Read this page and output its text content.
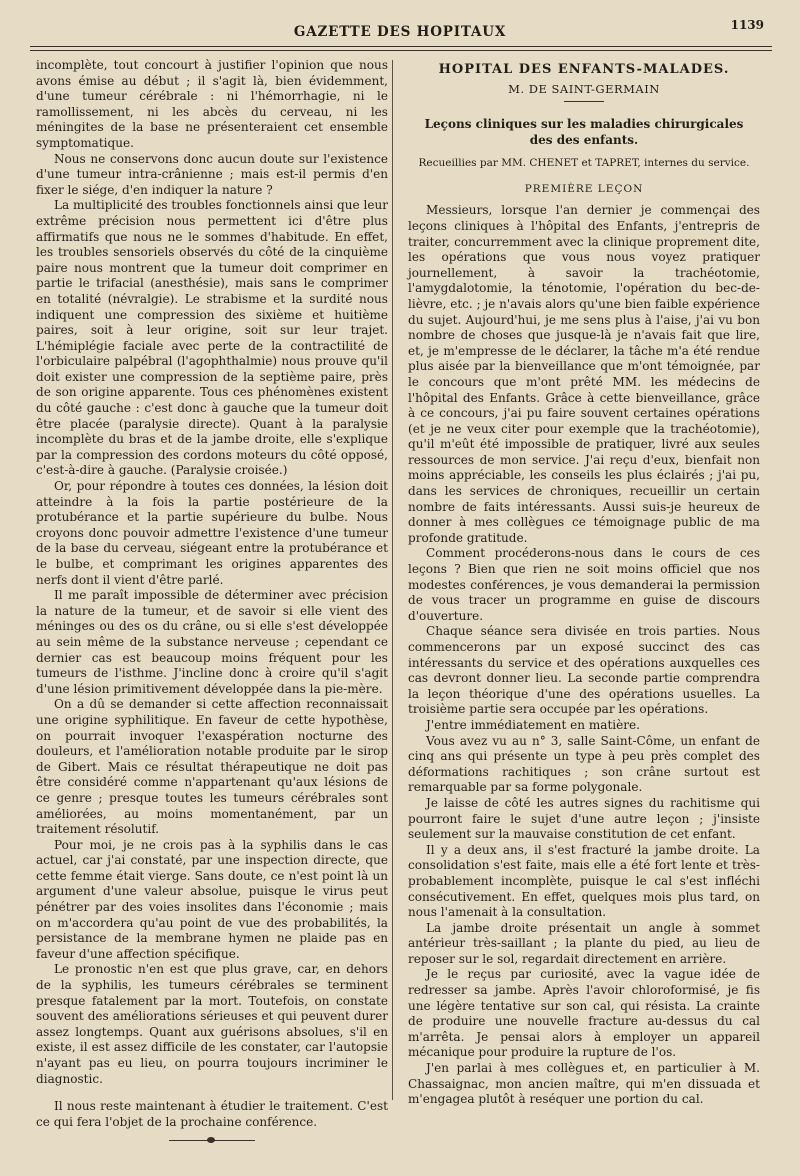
GAZETTE DES HOPITAUX	1139

incomplète, tout concourt à justifier l'opinion que nous avons émise au début ; il s'agit là, bien évidemment, d'une tumeur cérébrale : ni l'hémorrhagie, ni le ramollissement, ni les abcès du cerveau, ni les méningites de la base ne présenteraient cet ensemble symptomatique.

Nous ne conservons donc aucun doute sur l'existence d'une tumeur intra-crânienne ; mais est-il permis d'en fixer le siége, d'en indiquer la nature ?

La multiplicité des troubles fonctionnels ainsi que leur extrême précision nous permettent ici d'être plus affirmatifs que nous ne le sommes d'habitude. En effet, les troubles sensoriels observés du côté de la cinquième paire nous montrent que la tumeur doit comprimer en partie le trifacial (anesthésie), mais sans le comprimer en totalité (névralgie). Le strabisme et la surdité nous indiquent une compression des sixième et huitième paires, soit à leur origine, soit sur leur trajet. L'hémiplégie faciale avec perte de la contractilité de l'orbiculaire palpébral (l'agophthalmie) nous prouve qu'il doit exister une compression de la septième paire, près de son origine apparente. Tous ces phénomènes existent du côté gauche : c'est donc à gauche que la tumeur doit être placée (paralysie directe). Quant à la paralysie incomplète du bras et de la jambe droite, elle s'explique par la compression des cordons moteurs du côté opposé, c'est-à-dire à gauche. (Paralysie croisée.)

Or, pour répondre à toutes ces données, la lésion doit atteindre à la fois la partie postérieure de la protubérance et la partie supérieure du bulbe. Nous croyons donc pouvoir admettre l'existence d'une tumeur de la base du cerveau, siégeant entre la protubérance et le bulbe, et comprimant les origines apparentes des nerfs dont il vient d'être parlé.

Il me paraît impossible de déterminer avec précision la nature de la tumeur, et de savoir si elle vient des méninges ou des os du crâne, ou si elle s'est développée au sein même de la substance nerveuse ; cependant ce dernier cas est beaucoup moins fréquent pour les tumeurs de l'isthme. J'incline donc à croire qu'il s'agit d'une lésion primitivement développée dans la pie-mère.

On a dû se demander si cette affection reconnaissait une origine syphilitique. En faveur de cette hypothèse, on pourrait invoquer l'exaspération nocturne des douleurs, et l'amélioration notable produite par le sirop de Gibert. Mais ce résultat thérapeutique ne doit pas être considéré comme n'appartenant qu'aux lésions de ce genre ; presque toutes les tumeurs cérébrales sont améliorées, au moins momentanément, par un traitement résolutif.

Pour moi, je ne crois pas à la syphilis dans le cas actuel, car j'ai constaté, par une inspection directe, que cette femme était vierge. Sans doute, ce n'est point là un argument d'une valeur absolue, puisque le virus peut pénétrer par des voies insolites dans l'économie ; mais on m'accordera qu'au point de vue des probabilités, la persistance de la membrane hymen ne plaide pas en faveur d'une affection spécifique.

Le pronostic n'en est que plus grave, car, en dehors de la syphilis, les tumeurs cérébrales se terminent presque fatalement par la mort. Toutefois, on constate souvent des améliorations sérieuses et qui peuvent durer assez longtemps. Quant aux guérisons absolues, s'il en existe, il est assez difficile de les constater, car l'autopsie n'ayant pas eu lieu, on pourra toujours incriminer le diagnostic.

Il nous reste maintenant à étudier le traitement. C'est ce qui fera l'objet de la prochaine conférence.

HOPITAL DES ENFANTS-MALADES.
M. DE SAINT-GERMAIN
Leçons cliniques sur les maladies chirurgicales des des enfants.
Recueillies par MM. CHENET et TAPRET, internes du service.
PREMIÈRE LEÇON

Messieurs, lorsque l'an dernier je commençai des leçons cliniques à l'hôpital des Enfants, j'entrepris de traiter, concurremment avec la clinique proprement dite, les opérations que vous nous voyez pratiquer journellement, à savoir la trachéotomie, l'amygdalotomie, la ténotomie, l'opération du bec-de-lièvre, etc. ; je n'avais alors qu'une bien faible expérience du sujet. Aujourd'hui, je me sens plus à l'aise, j'ai vu bon nombre de choses que jusque-là je n'avais fait que lire, et, je m'empresse de le déclarer, la tâche m'a été rendue plus aisée par la bienveillance que m'ont témoignée, par le concours que m'ont prêté MM. les médecins de l'hôpital des Enfants. Grâce à cette bienveillance, grâce à ce concours, j'ai pu faire souvent certaines opérations (et je ne veux citer pour exemple que la trachéotomie), qu'il m'eût été impossible de pratiquer, livré aux seules ressources de mon service. J'ai reçu d'eux, bienfait non moins appréciable, les conseils les plus éclairés ; j'ai pu, dans les services de chroniques, recueillir un certain nombre de faits intéressants. Aussi suis-je heureux de donner à mes collègues ce témoignage public de ma profonde gratitude.

Comment procéderons-nous dans le cours de ces leçons ? Bien que rien ne soit moins officiel que nos modestes conférences, je vous demanderai la permission de vous tracer un programme en guise de discours d'ouverture.

Chaque séance sera divisée en trois parties. Nous commencerons par un exposé succinct des cas intéressants du service et des opérations auxquelles ces cas devront donner lieu. La seconde partie comprendra la leçon théorique d'une des opérations usuelles. La troisième partie sera occupée par les opérations.

J'entre immédiatement en matière.

Vous avez vu au n° 3, salle Saint-Côme, un enfant de cinq ans qui présente un type à peu près complet des déformations rachitiques ; son crâne surtout est remarquable par sa forme polygonale.

Je laisse de côté les autres signes du rachitisme qui pourront faire le sujet d'une autre leçon ; j'insiste seulement sur la mauvaise constitution de cet enfant.

Il y a deux ans, il s'est fracturé la jambe droite. La consolidation s'est faite, mais elle a été fort lente et très-probablement incomplète, puisque le cal s'est infléchi consécutivement. En effet, quelques mois plus tard, on nous l'amenait à la consultation.

La jambe droite présentait un angle à sommet antérieur très-saillant ; la plante du pied, au lieu de reposer sur le sol, regardait directement en arrière.

Je le reçus par curiosité, avec la vague idée de redresser sa jambe. Après l'avoir chloroformisé, je fis une légère tentative sur son cal, qui résista. La crainte de produire une nouvelle fracture au-dessus du cal m'arrêta. Je pensai alors à employer un appareil mécanique pour produire la rupture de l'os.

J'en parlai à mes collègues et, en particulier à M. Chassaignac, mon ancien maître, qui m'en dissuada et m'engagea plutôt à reséquer une portion du cal.
